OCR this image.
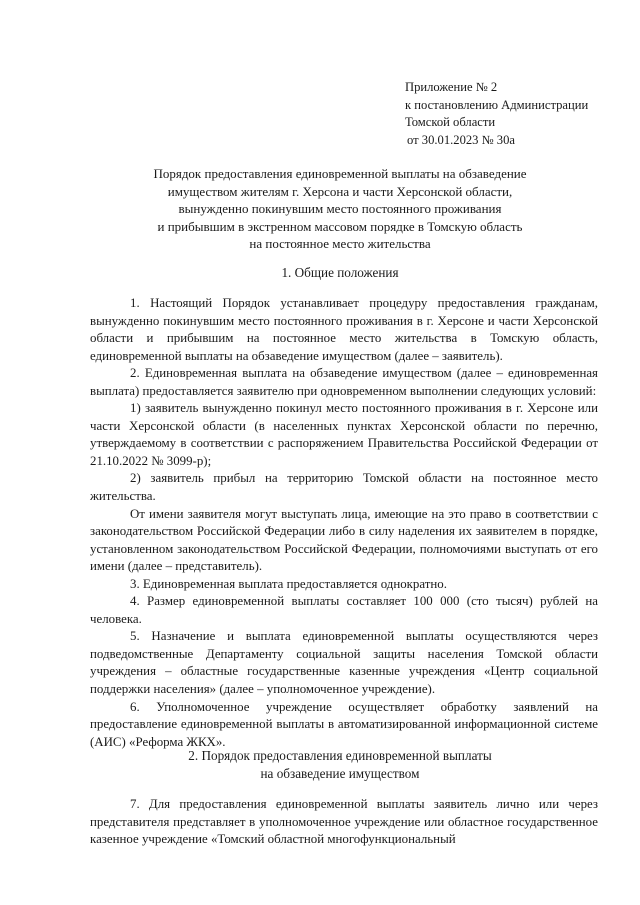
Приложение № 2
к постановлению Администрации
Томской области
от 30.01.2023 № 30а
Порядок предоставления единовременной выплаты на обзаведение
имуществом жителям г. Херсона и части Херсонской области,
вынужденно покинувшим место постоянного проживания
и прибывшим в экстренном массовом порядке в Томскую область
на постоянное место жительства
1. Общие положения

1. Настоящий Порядок устанавливает процедуру предоставления гражданам, вынужденно покинувшим место постоянного проживания в г. Херсоне и части Херсонской области и прибывшим на постоянное место жительства в Томскую область, единовременной выплаты на обзаведение имуществом (далее – заявитель).

2. Единовременная выплата на обзаведение имуществом (далее – единовременная выплата) предоставляется заявителю при одновременном выполнении следующих условий:

1) заявитель вынужденно покинул место постоянного проживания в г. Херсоне или части Херсонской области (в населенных пунктах Херсонской области по перечню, утверждаемому в соответствии с распоряжением Правительства Российской Федерации от 21.10.2022 № 3099-р);

2) заявитель прибыл на территорию Томской области на постоянное место жительства.

От имени заявителя могут выступать лица, имеющие на это право в соответствии с законодательством Российской Федерации либо в силу наделения их заявителем в порядке, установленном законодательством Российской Федерации, полномочиями выступать от его имени (далее – представитель).

3. Единовременная выплата предоставляется однократно.

4. Размер единовременной выплаты составляет 100 000 (сто тысяч) рублей на человека.

5. Назначение и выплата единовременной выплаты осуществляются через подведомственные Департаменту социальной защиты населения Томской области учреждения – областные государственные казенные учреждения «Центр социальной поддержки населения» (далее – уполномоченное учреждение).

6. Уполномоченное учреждение осуществляет обработку заявлений на предоставление единовременной выплаты в автоматизированной информационной системе (АИС) «Реформа ЖКХ».

2. Порядок предоставления единовременной выплаты
на обзаведение имуществом

7. Для предоставления единовременной выплаты заявитель лично или через представителя представляет в уполномоченное учреждение или областное государственное казенное учреждение «Томский областной многофункциональный
